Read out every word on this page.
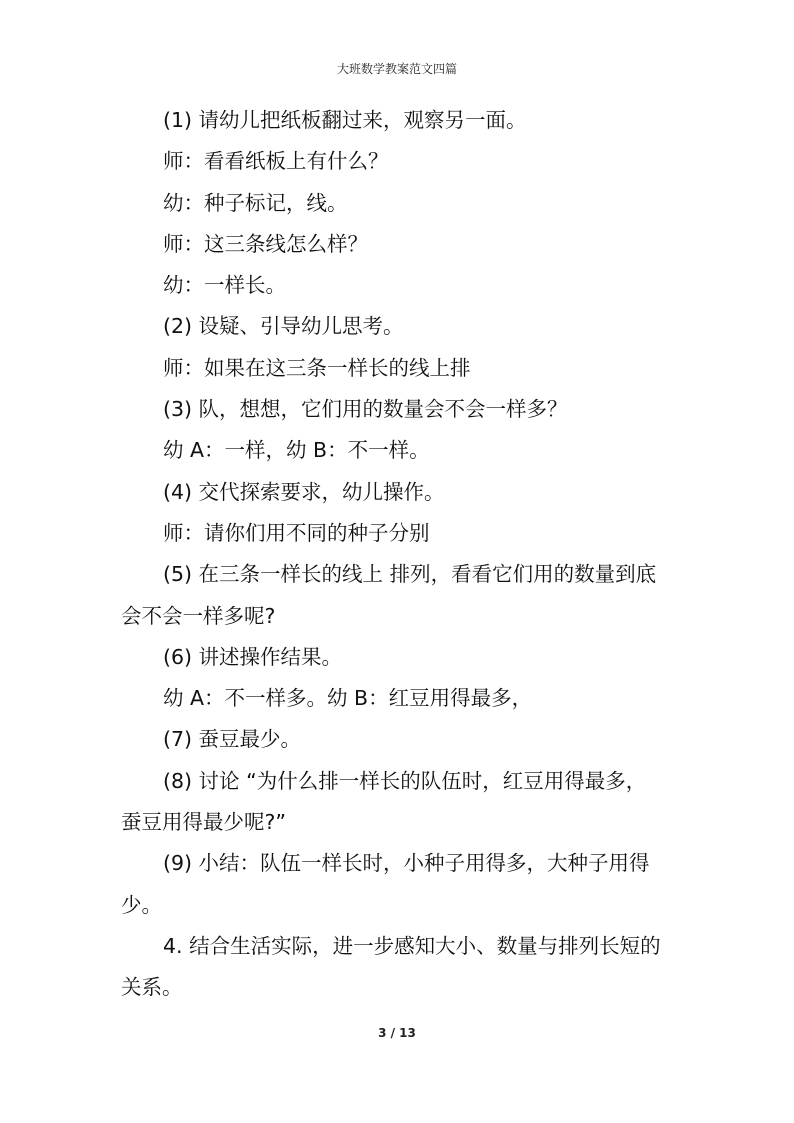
大班数学教案范文四篇
(1) 请幼儿把纸板翻过来，观察另一面。
师：看看纸板上有什么？
幼：种子标记，线。
师：这三条线怎么样？
幼：一样长。
(2) 设疑、引导幼儿思考。
师：如果在这三条一样长的线上排
(3) 队，想想，它们用的数量会不会一样多？
幼 A：一样，幼 B：不一样。
(4) 交代探索要求，幼儿操作。
师：请你们用不同的种子分别
(5) 在三条一样长的线上 排列，看看它们用的数量到底
会不会一样多呢?
(6) 讲述操作结果。
幼 A：不一样多。幼 B：红豆用得最多，
(7) 蚕豆最少。
(8) 讨论 “为什么排一样长的队伍时，红豆用得最多，
蚕豆用得最少呢?”
(9) 小结：队伍一样长时，小种子用得多，大种子用得
少。
4. 结合生活实际，进一步感知大小、数量与排列长短的
关系。
3 / 13
